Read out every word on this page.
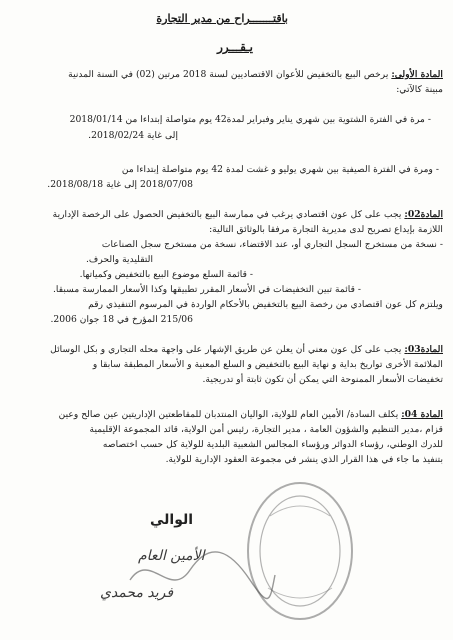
باقتـــــــراح من مدير التجارة
يـقـــرر
المادة الأولى: يرخص البيع بالتخفيض للأعوان الاقتصاديين لسنة 2018 مرتين (02) في السنة المدنية
مبينة كالآتي:
- مرة في الفترة الشتوية بين شهري يناير وفبراير لمدة42 يوم متواصلة إبتداءا من 2018/01/14
إلى غاية 2018/02/24.
- ومرة في الفترة الصيفية بين شهري يوليو و غشت لمدة 42 يوم متواصلة إبتداءا من
2018/07/08 إلى غاية 2018/08/18.
المادة02: يجب على كل عون اقتصادي يرغب في ممارسة البيع بالتخفيض الحصول على الرخصة الإدارية
اللازمة بإيداع تصريح لدى مديرية التجارة مرفقا بالوثائق التالية:
- نسخة من مستخرج السجل التجاري أو، عند الاقتضاء، نسخة من مستخرج سجل الصناعات
التقليدية والحرف.
- قائمة السلع موضوع البيع بالتخفيض وكمياتها.
- قائمة تبين التخفيضات في الأسعار المقرر تطبيقها وكذا الأسعار الممارسة مسبقا.
ويلتزم كل عون اقتصادي من رخصة البيع بالتخفيض بالأحكام الواردة في المرسوم التنفيذي رقم
215/06 المؤرخ في 18 جوان 2006.
المادة03: يجب على كل عون معني أن يعلن عن طريق الإشهار على واجهة محله التجاري و بكل الوسائل
الملائمة الأخرى تواريخ بداية و نهاية البيع بالتخفيض و السلع المعنية و الأسعار المطبقة سابقا و
تخفيضات الأسعار الممنوحة التي يمكن أن تكون ثابتة أو تدريجية.
المادة 04: يكلف السادة/ الأمين العام للولاية، الواليان المنتدبان للمقاطعتين الإداريتين عين صالح وعين
قزام ،مدير التنظيم والشؤون العامة ، مدير التجارة، رئيس أمن الولاية، قائد المجموعة الإقليمية
للدرك الوطني، رؤساء الدوائر ورؤساء المجالس الشعبية البلدية للولاية كل حسب اختصاصه
بتنفيذ ما جاء في هذا القرار الذي ينشر في مجموعة العقود الإدارية للولاية.
الوالي
الأمين العام
فريد محمدي
